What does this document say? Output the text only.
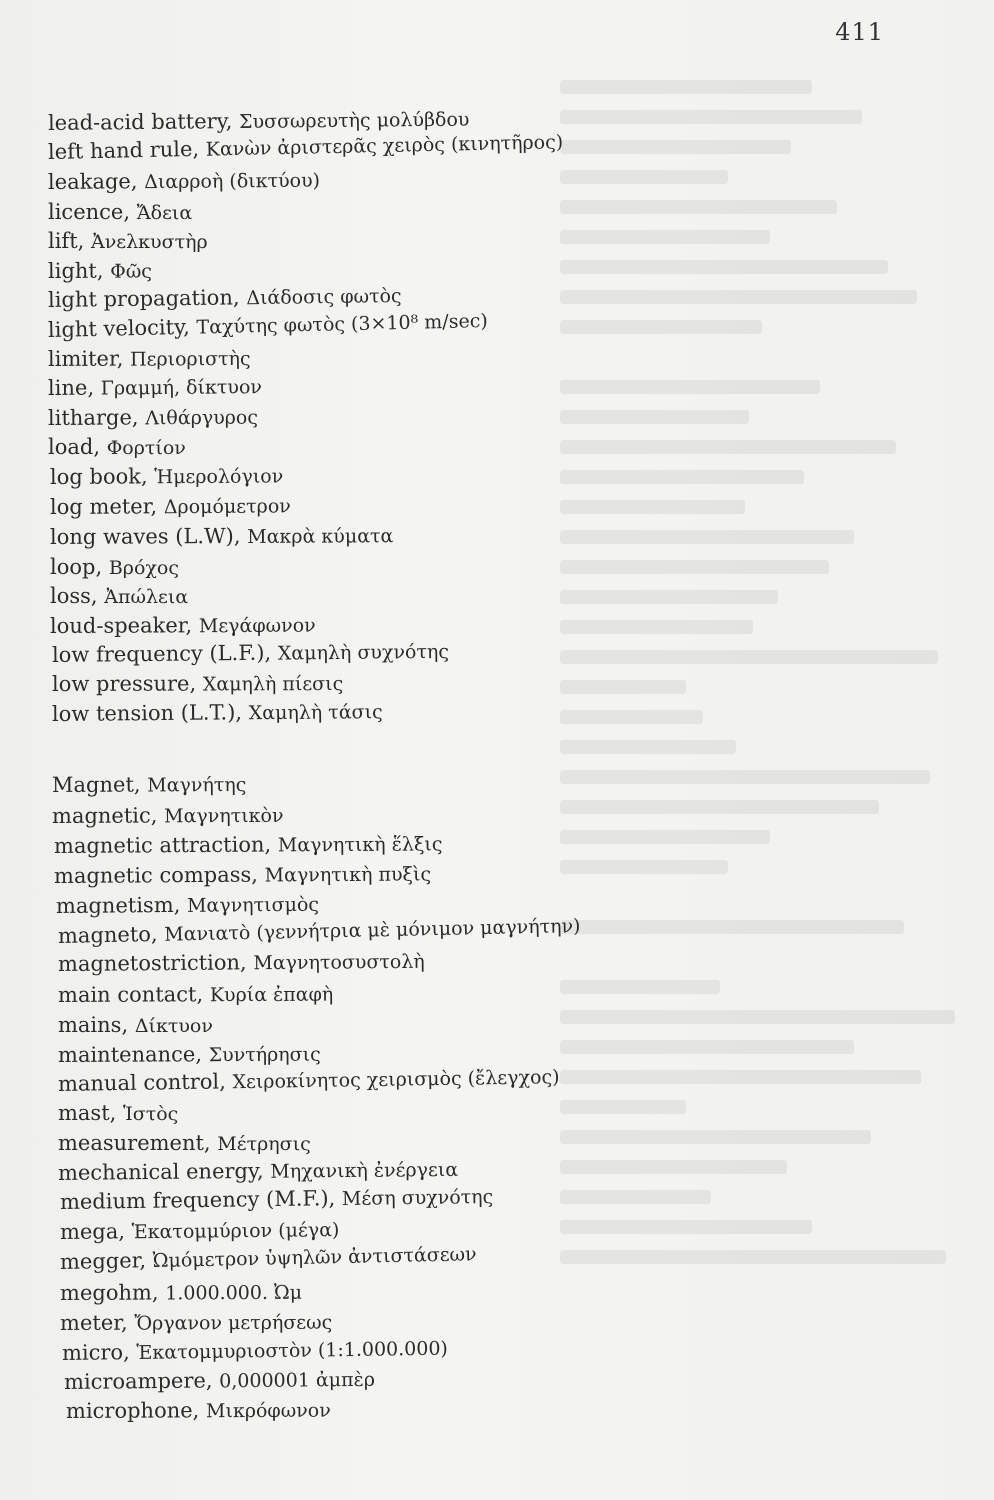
411
lead-acid battery, Συσσωρευτὴς μολύβδου
left hand rule, Κανὼν ἀριστερᾶς χειρὸς (κινητῆρος)
leakage, Διαρροὴ (δικτύου)
licence, Ἄδεια
lift, Ἀνελκυστὴρ
light, Φῶς
light propagation, Διάδοσις φωτὸς
light velocity, Ταχύτης φωτὸς (3×10⁸ m/sec)
limiter, Περιοριστὴς
line, Γραμμή, δίκτυον
litharge, Λιθάργυρος
load, Φορτίον
log book, Ἡμερολόγιον
log meter, Δρομόμετρον
long waves (L.W), Μακρὰ κύματα
loop, Βρόχος
loss, Ἀπώλεια
loud-speaker, Μεγάφωνον
low frequency (L.F.), Χαμηλὴ συχνότης
low pressure, Χαμηλὴ πίεσις
low tension (L.T.), Χαμηλὴ τάσις
Magnet, Μαγνήτης
magnetic, Μαγνητικὸν
magnetic attraction, Μαγνητικὴ ἕλξις
magnetic compass, Μαγνητικὴ πυξὶς
magnetism, Μαγνητισμὸς
magneto, Μανιατὸ (γεννήτρια μὲ μόνιμον μαγνήτην)
magnetostriction, Μαγνητοσυστολὴ
main contact, Κυρία ἐπαφὴ
mains, Δίκτυον
maintenance, Συντήρησις
manual control, Χειροκίνητος χειρισμὸς (ἔλεγχος)
mast, Ἱστὸς
measurement, Μέτρησις
mechanical energy, Μηχανικὴ ἐνέργεια
medium frequency (M.F.), Μέση συχνότης
mega, Ἑκατομμύριον (μέγα)
megger, Ὠμόμετρον ὑψηλῶν ἀντιστάσεων
megohm, 1.000.000. Ὠμ
meter, Ὄργανον μετρήσεως
micro, Ἑκατομμυριοστὸν (1:1.000.000)
microampere, 0,000001 ἀμπὲρ
microphone, Μικρόφωνον
